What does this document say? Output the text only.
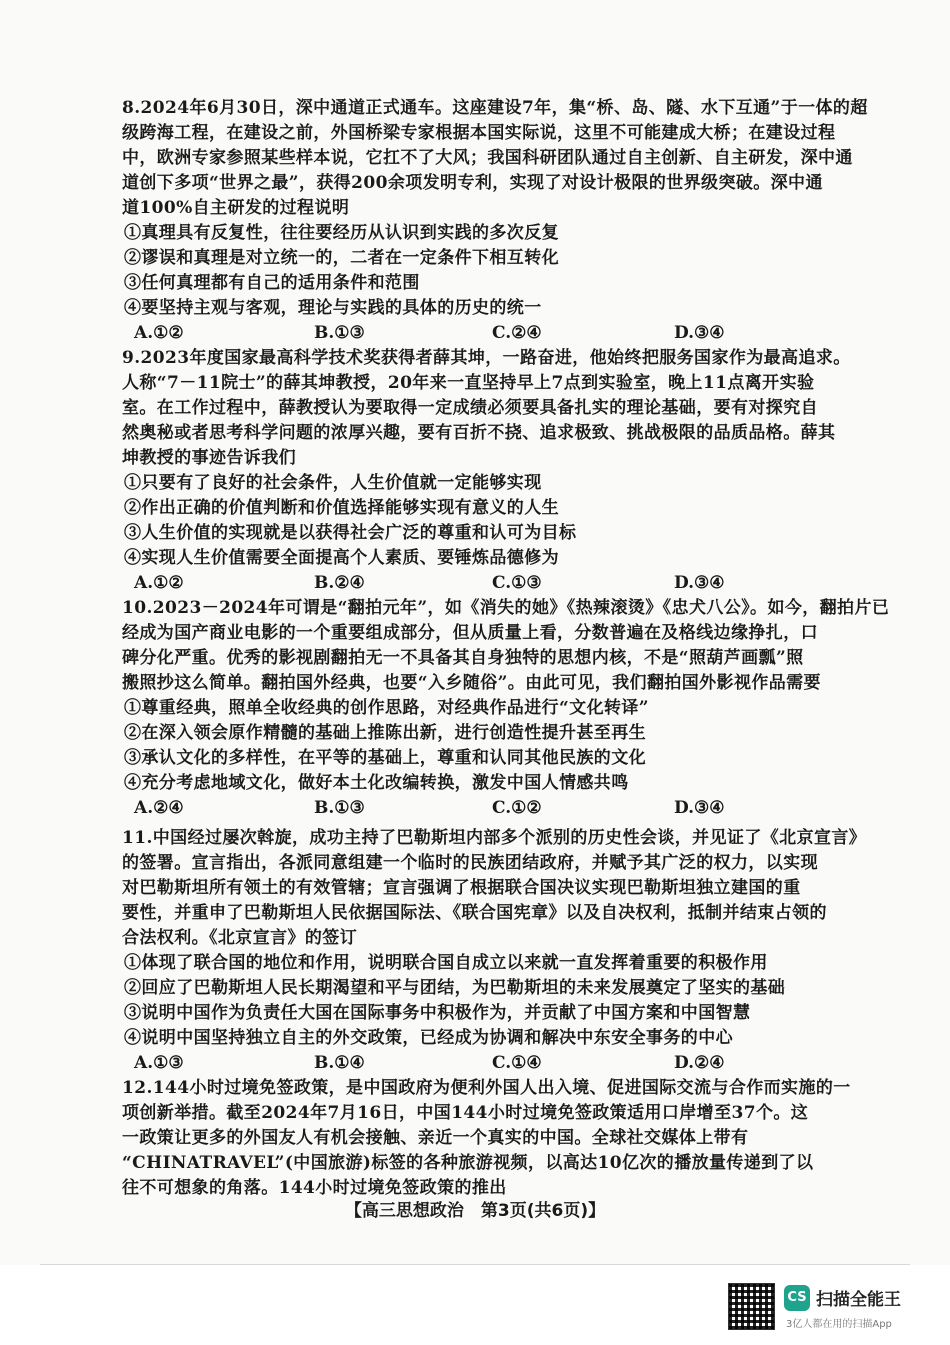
8.2024年6月30日，深中通道正式通车。这座建设7年，集“桥、岛、隧、水下互通”于一体的超
级跨海工程，在建设之前，外国桥梁专家根据本国实际说，这里不可能建成大桥；在建设过程
中，欧洲专家参照某些样本说，它扛不了大风；我国科研团队通过自主创新、自主研发，深中通
道创下多项“世界之最”，获得200余项发明专利，实现了对设计极限的世界级突破。深中通
道100%自主研发的过程说明
①真理具有反复性，往往要经历从认识到实践的多次反复
②谬误和真理是对立统一的，二者在一定条件下相互转化
③任何真理都有自己的适用条件和范围
④要坚持主观与客观，理论与实践的具体的历史的统一
A.①②	B.①③	C.②④	D.③④
9.2023年度国家最高科学技术奖获得者薛其坤，一路奋进，他始终把服务国家作为最高追求。
人称“7－11院士”的薛其坤教授，20年来一直坚持早上7点到实验室，晚上11点离开实验
室。在工作过程中，薛教授认为要取得一定成绩必须要具备扎实的理论基础，要有对探究自
然奥秘或者思考科学问题的浓厚兴趣，要有百折不挠、追求极致、挑战极限的品质品格。薛其
坤教授的事迹告诉我们
①只要有了良好的社会条件，人生价值就一定能够实现
②作出正确的价值判断和价值选择能够实现有意义的人生
③人生价值的实现就是以获得社会广泛的尊重和认可为目标
④实现人生价值需要全面提高个人素质、要锤炼品德修为
A.①②	B.②④	C.①③	D.③④
10.2023－2024年可谓是“翻拍元年”，如《消失的她》《热辣滚烫》《忠犬八公》。如今，翻拍片已
经成为国产商业电影的一个重要组成部分，但从质量上看，分数普遍在及格线边缘挣扎，口
碑分化严重。优秀的影视剧翻拍无一不具备其自身独特的思想内核，不是“照葫芦画瓢”照
搬照抄这么简单。翻拍国外经典，也要“入乡随俗”。由此可见，我们翻拍国外影视作品需要
①尊重经典，照单全收经典的创作思路，对经典作品进行“文化转译”
②在深入领会原作精髓的基础上推陈出新，进行创造性提升甚至再生
③承认文化的多样性，在平等的基础上，尊重和认同其他民族的文化
④充分考虑地域文化，做好本土化改编转换，激发中国人情感共鸣
A.②④	B.①③	C.①②	D.③④
11.中国经过屡次斡旋，成功主持了巴勒斯坦内部多个派别的历史性会谈，并见证了《北京宣言》
的签署。宣言指出，各派同意组建一个临时的民族团结政府，并赋予其广泛的权力，以实现
对巴勒斯坦所有领土的有效管辖；宣言强调了根据联合国决议实现巴勒斯坦独立建国的重
要性，并重申了巴勒斯坦人民依据国际法、《联合国宪章》以及自决权利，抵制并结束占领的
合法权利。《北京宣言》的签订
①体现了联合国的地位和作用，说明联合国自成立以来就一直发挥着重要的积极作用
②回应了巴勒斯坦人民长期渴望和平与团结，为巴勒斯坦的未来发展奠定了坚实的基础
③说明中国作为负责任大国在国际事务中积极作为，并贡献了中国方案和中国智慧
④说明中国坚持独立自主的外交政策，已经成为协调和解决中东安全事务的中心
A.①③	B.①④	C.①④	D.②④
12.144小时过境免签政策，是中国政府为便利外国人出入境、促进国际交流与合作而实施的一
项创新举措。截至2024年7月16日，中国144小时过境免签政策适用口岸增至37个。这
一政策让更多的外国友人有机会接触、亲近一个真实的中国。全球社交媒体上带有
“CHINATRAVEL”(中国旅游)标签的各种旅游视频，以高达10亿次的播放量传递到了以
往不可想象的角落。144小时过境免签政策的推出
【高三思想政治　第3页(共6页)】
CS 扫描全能王
3亿人都在用的扫描App
